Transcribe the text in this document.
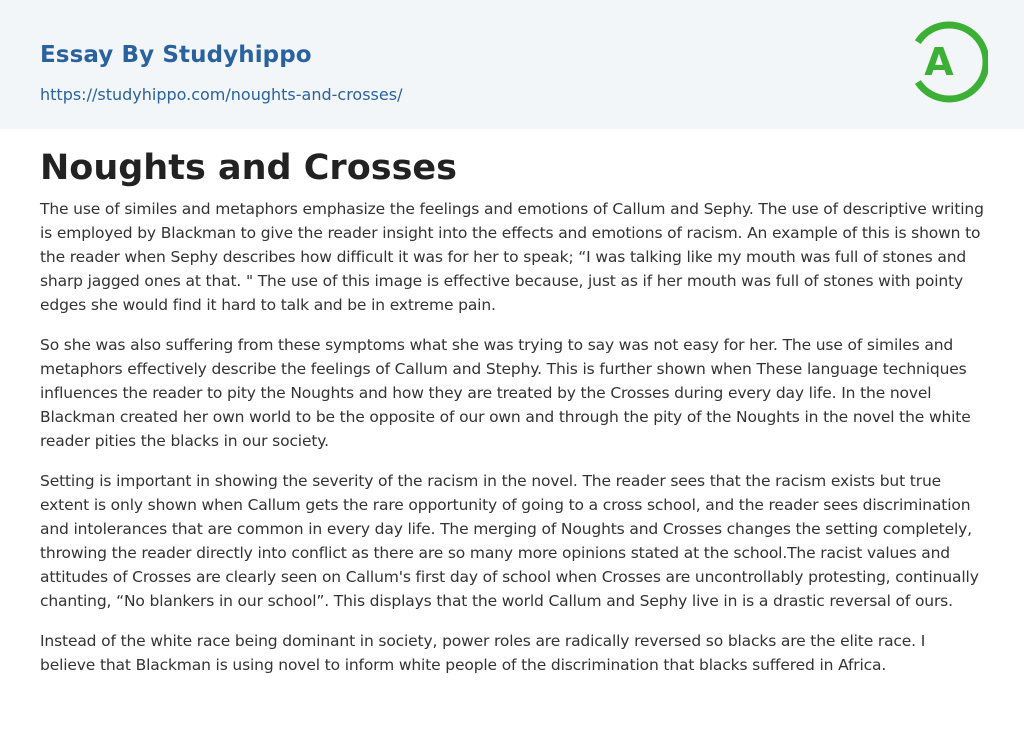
Essay By Studyhippo
https://studyhippo.com/noughts-and-crosses/
A
Noughts and Crosses

The use of similes and metaphors emphasize the feelings and emotions of Callum and Sephy. The use of descriptive writing is employed by Blackman to give the reader insight into the effects and emotions of racism. An example of this is shown to the reader when Sephy describes how difficult it was for her to speak; “I was talking like my mouth was full of stones and sharp jagged ones at that. " The use of this image is effective because, just as if her mouth was full of stones with pointy edges she would find it hard to talk and be in extreme pain.

So she was also suffering from these symptoms what she was trying to say was not easy for her. The use of similes and metaphors effectively describe the feelings of Callum and Stephy. This is further shown when These language techniques influences the reader to pity the Noughts and how they are treated by the Crosses during every day life. In the novel Blackman created her own world to be the opposite of our own and through the pity of the Noughts in the novel the white reader pities the blacks in our society.

Setting is important in showing the severity of the racism in the novel. The reader sees that the racism exists but true extent is only shown when Callum gets the rare opportunity of going to a cross school, and the reader sees discrimination and intolerances that are common in every day life. The merging of Noughts and Crosses changes the setting completely, throwing the reader directly into conflict as there are so many more opinions stated at the school.The racist values and attitudes of Crosses are clearly seen on Callum's first day of school when Crosses are uncontrollably protesting, continually chanting, “No blankers in our school”. This displays that the world Callum and Sephy live in is a drastic reversal of ours.

Instead of the white race being dominant in society, power roles are radically reversed so blacks are the elite race. I believe that Blackman is using novel to inform white people of the discrimination that blacks suffered in Africa.
